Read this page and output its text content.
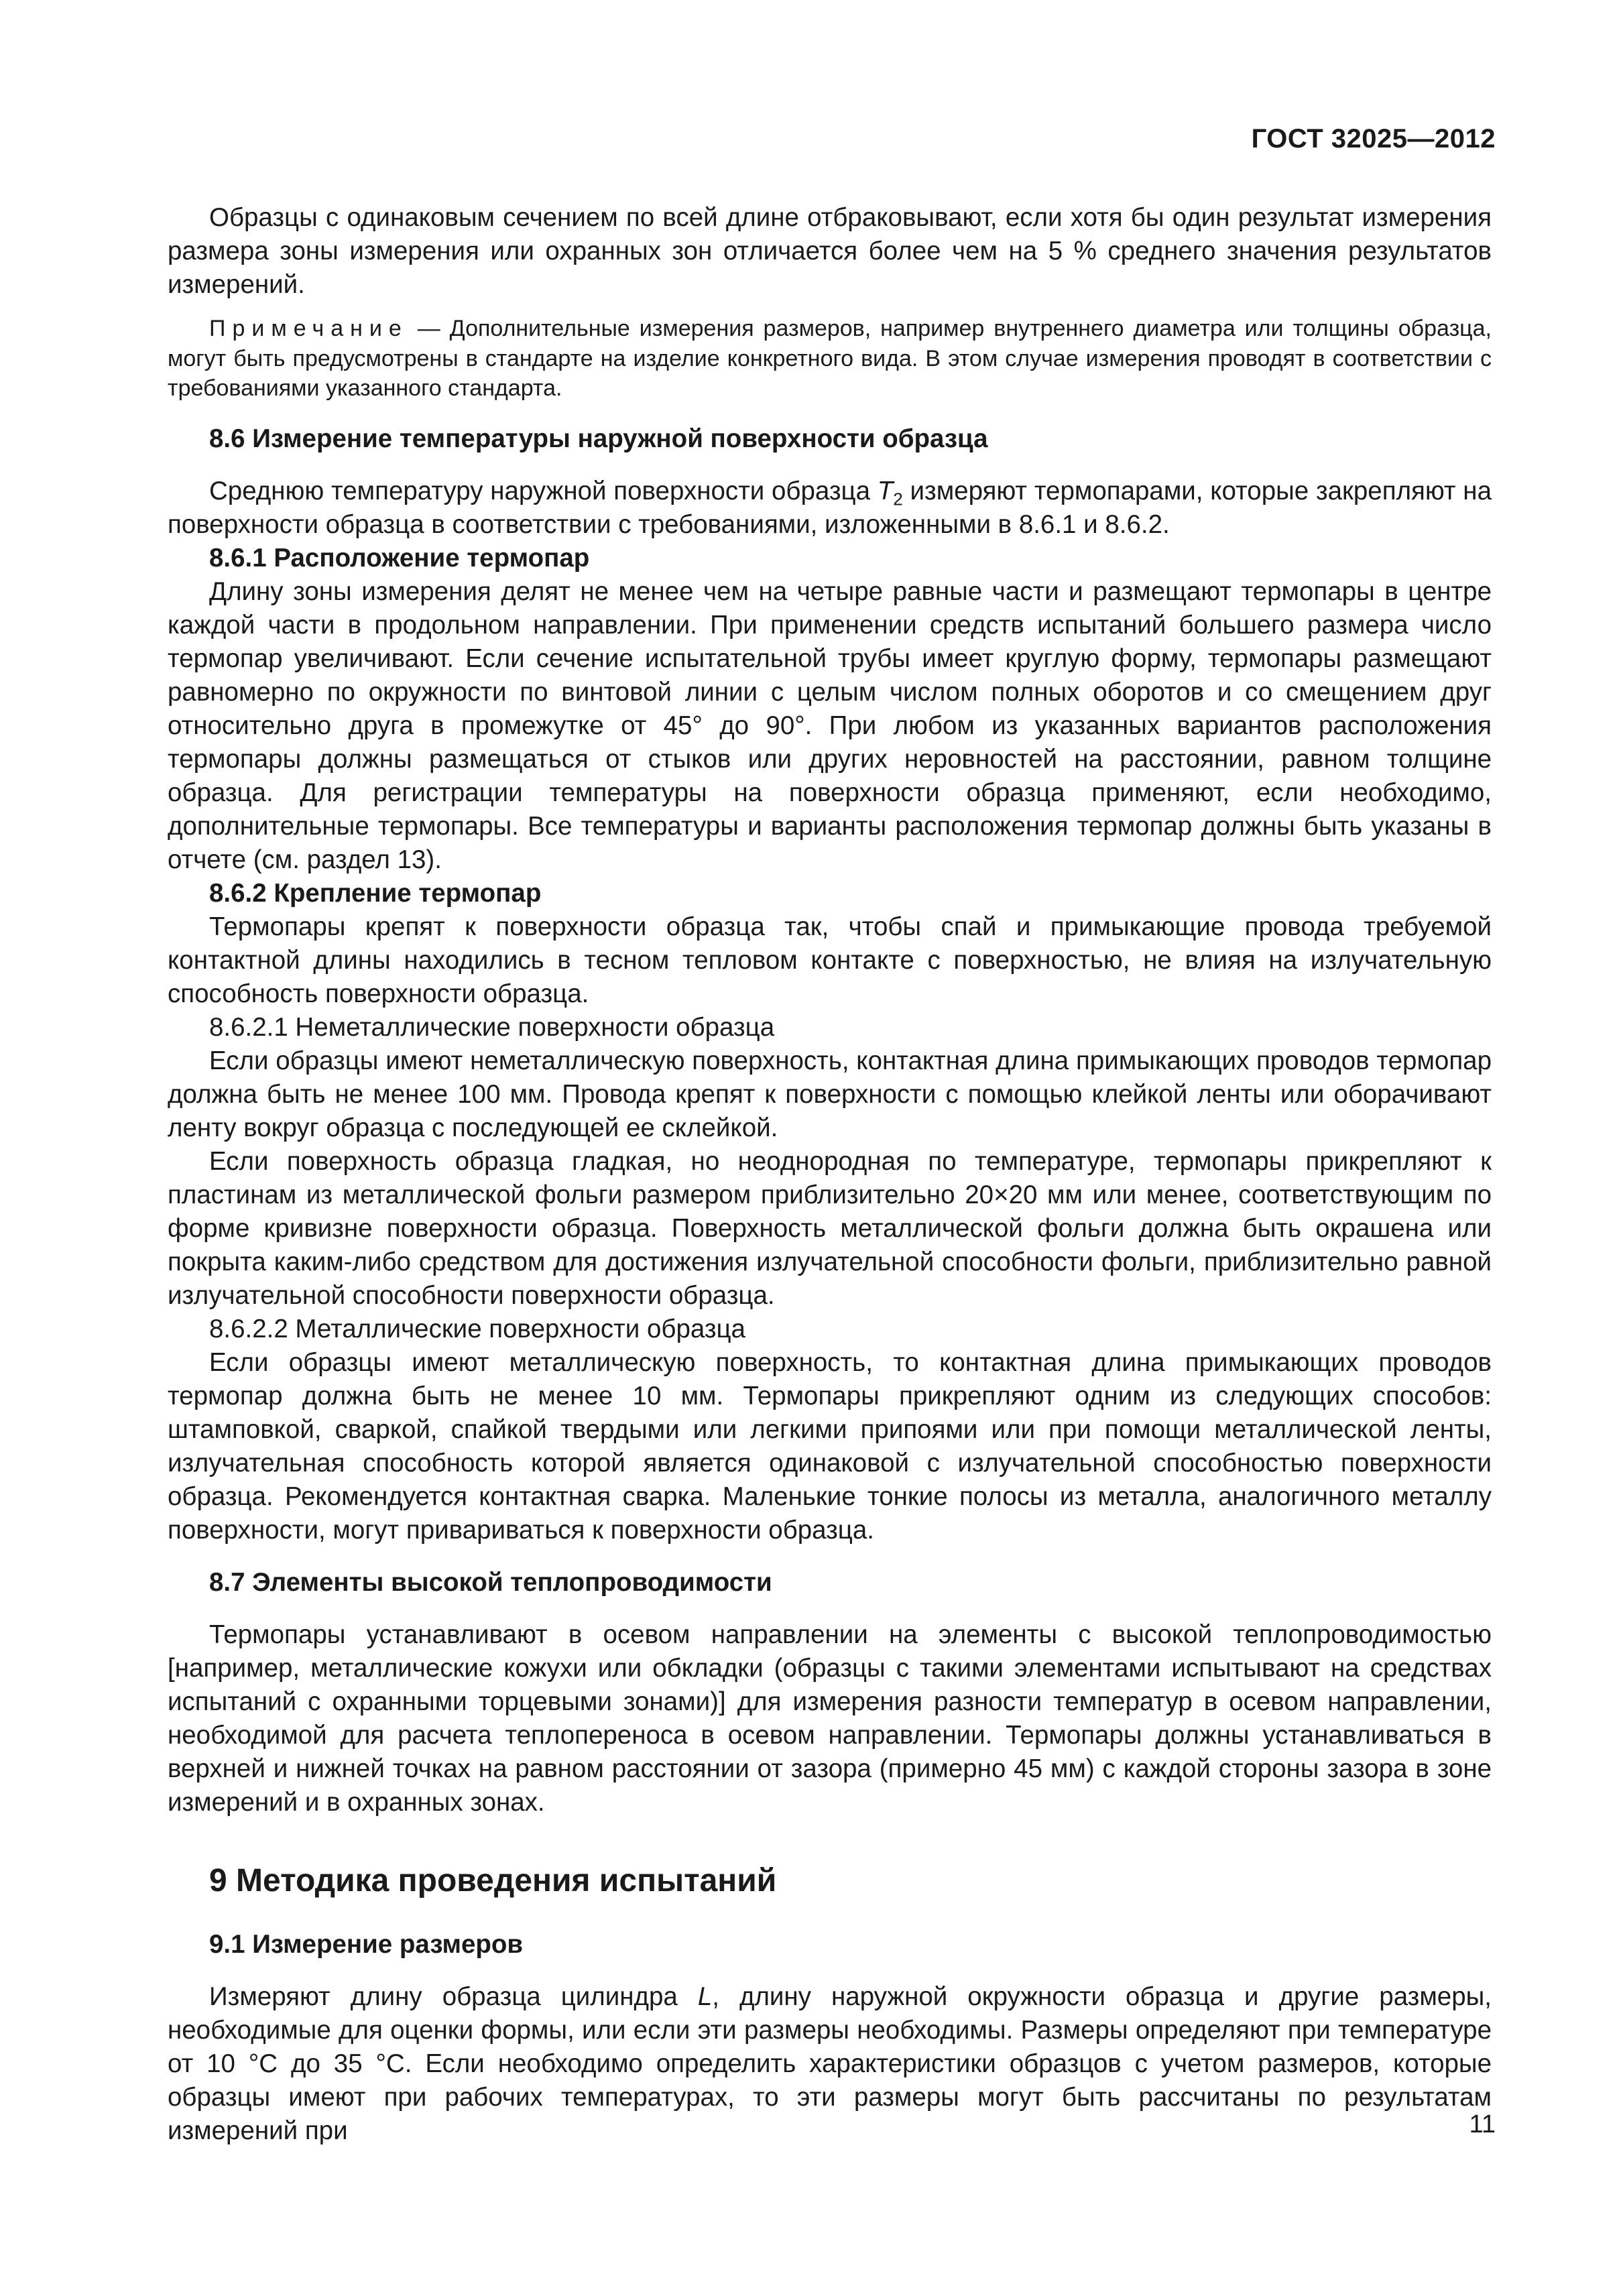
ГОСТ 32025—2012

Образцы с одинаковым сечением по всей длине отбраковывают, если хотя бы один результат измерения размера зоны измерения или охранных зон отличается более чем на 5 % среднего значения результатов измерений.

Примечание — Дополнительные измерения размеров, например внутреннего диаметра или толщины образца, могут быть предусмотрены в стандарте на изделие конкретного вида. В этом случае измерения проводят в соответствии с требованиями указанного стандарта.

8.6 Измерение температуры наружной поверхности образца

Среднюю температуру наружной поверхности образца $T_2$ измеряют термопарами, которые закрепляют на поверхности образца в соответствии с требованиями, изложенными в 8.6.1 и 8.6.2.

8.6.1 Расположение термопар

Длину зоны измерения делят не менее чем на четыре равные части и размещают термопары в центре каждой части в продольном направлении. При применении средств испытаний большего размера число термопар увеличивают. Если сечение испытательной трубы имеет круглую форму, термопары размещают равномерно по окружности по винтовой линии с целым числом полных оборотов и со смещением друг относительно друга в промежутке от 45° до 90°. При любом из указанных вариантов расположения термопары должны размещаться от стыков или других неровностей на расстоянии, равном толщине образца. Для регистрации температуры на поверхности образца применяют, если необходимо, дополнительные термопары. Все температуры и варианты расположения термопар должны быть указаны в отчете (см. раздел 13).

8.6.2 Крепление термопар

Термопары крепят к поверхности образца так, чтобы спай и примыкающие провода требуемой контактной длины находились в тесном тепловом контакте с поверхностью, не влияя на излучательную способность поверхности образца.

8.6.2.1 Неметаллические поверхности образца

Если образцы имеют неметаллическую поверхность, контактная длина примыкающих проводов термопар должна быть не менее 100 мм. Провода крепят к поверхности с помощью клейкой ленты или оборачивают ленту вокруг образца с последующей ее склейкой.

Если поверхность образца гладкая, но неоднородная по температуре, термопары прикрепляют к пластинам из металлической фольги размером приблизительно 20×20 мм или менее, соответствующим по форме кривизне поверхности образца. Поверхность металлической фольги должна быть окрашена или покрыта каким-либо средством для достижения излучательной способности фольги, приблизительно равной излучательной способности поверхности образца.

8.6.2.2 Металлические поверхности образца

Если образцы имеют металлическую поверхность, то контактная длина примыкающих проводов термопар должна быть не менее 10 мм. Термопары прикрепляют одним из следующих способов: штамповкой, сваркой, спайкой твердыми или легкими припоями или при помощи металлической ленты, излучательная способность которой является одинаковой с излучательной способностью поверхности образца. Рекомендуется контактная сварка. Маленькие тонкие полосы из металла, аналогичного металлу поверхности, могут привариваться к поверхности образца.

8.7 Элементы высокой теплопроводимости

Термопары устанавливают в осевом направлении на элементы с высокой теплопроводимостью [например, металлические кожухи или обкладки (образцы с такими элементами испытывают на средствах испытаний с охранными торцевыми зонами)] для измерения разности температур в осевом направлении, необходимой для расчета теплопереноса в осевом направлении. Термопары должны устанавливаться в верхней и нижней точках на равном расстоянии от зазора (примерно 45 мм) с каждой стороны зазора в зоне измерений и в охранных зонах.

9 Методика проведения испытаний
9.1 Измерение размеров

Измеряют длину образца цилиндра L, длину наружной окружности образца и другие размеры, необходимые для оценки формы, или если эти размеры необходимы. Размеры определяют при температуре от 10 °С до 35 °С. Если необходимо определить характеристики образцов с учетом размеров, которые образцы имеют при рабочих температурах, то эти размеры могут быть рассчитаны по результатам измерений при	11
